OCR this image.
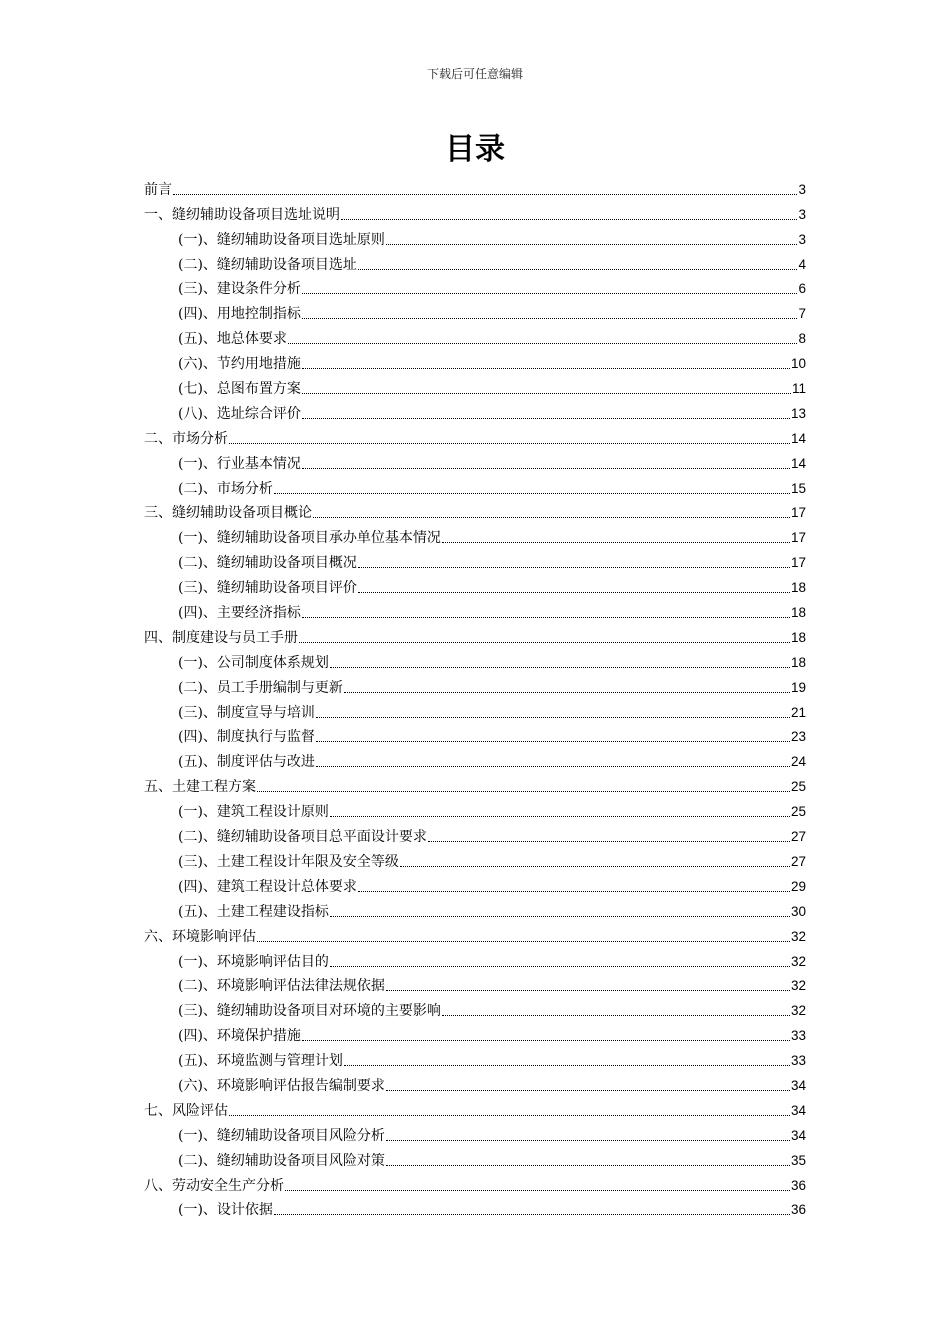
下载后可任意编辑
目录
前言	3
一、缝纫辅助设备项目选址说明	3
(一)、缝纫辅助设备项目选址原则	3
(二)、缝纫辅助设备项目选址	4
(三)、建设条件分析	6
(四)、用地控制指标	7
(五)、地总体要求	8
(六)、节约用地措施	10
(七)、总图布置方案	11
(八)、选址综合评价	13
二、市场分析	14
(一)、行业基本情况	14
(二)、市场分析	15
三、缝纫辅助设备项目概论	17
(一)、缝纫辅助设备项目承办单位基本情况	17
(二)、缝纫辅助设备项目概况	17
(三)、缝纫辅助设备项目评价	18
(四)、主要经济指标	18
四、制度建设与员工手册	18
(一)、公司制度体系规划	18
(二)、员工手册编制与更新	19
(三)、制度宣导与培训	21
(四)、制度执行与监督	23
(五)、制度评估与改进	24
五、土建工程方案	25
(一)、建筑工程设计原则	25
(二)、缝纫辅助设备项目总平面设计要求	27
(三)、土建工程设计年限及安全等级	27
(四)、建筑工程设计总体要求	29
(五)、土建工程建设指标	30
六、环境影响评估	32
(一)、环境影响评估目的	32
(二)、环境影响评估法律法规依据	32
(三)、缝纫辅助设备项目对环境的主要影响	32
(四)、环境保护措施	33
(五)、环境监测与管理计划	33
(六)、环境影响评估报告编制要求	34
七、风险评估	34
(一)、缝纫辅助设备项目风险分析	34
(二)、缝纫辅助设备项目风险对策	35
八、劳动安全生产分析	36
(一)、设计依据	36
